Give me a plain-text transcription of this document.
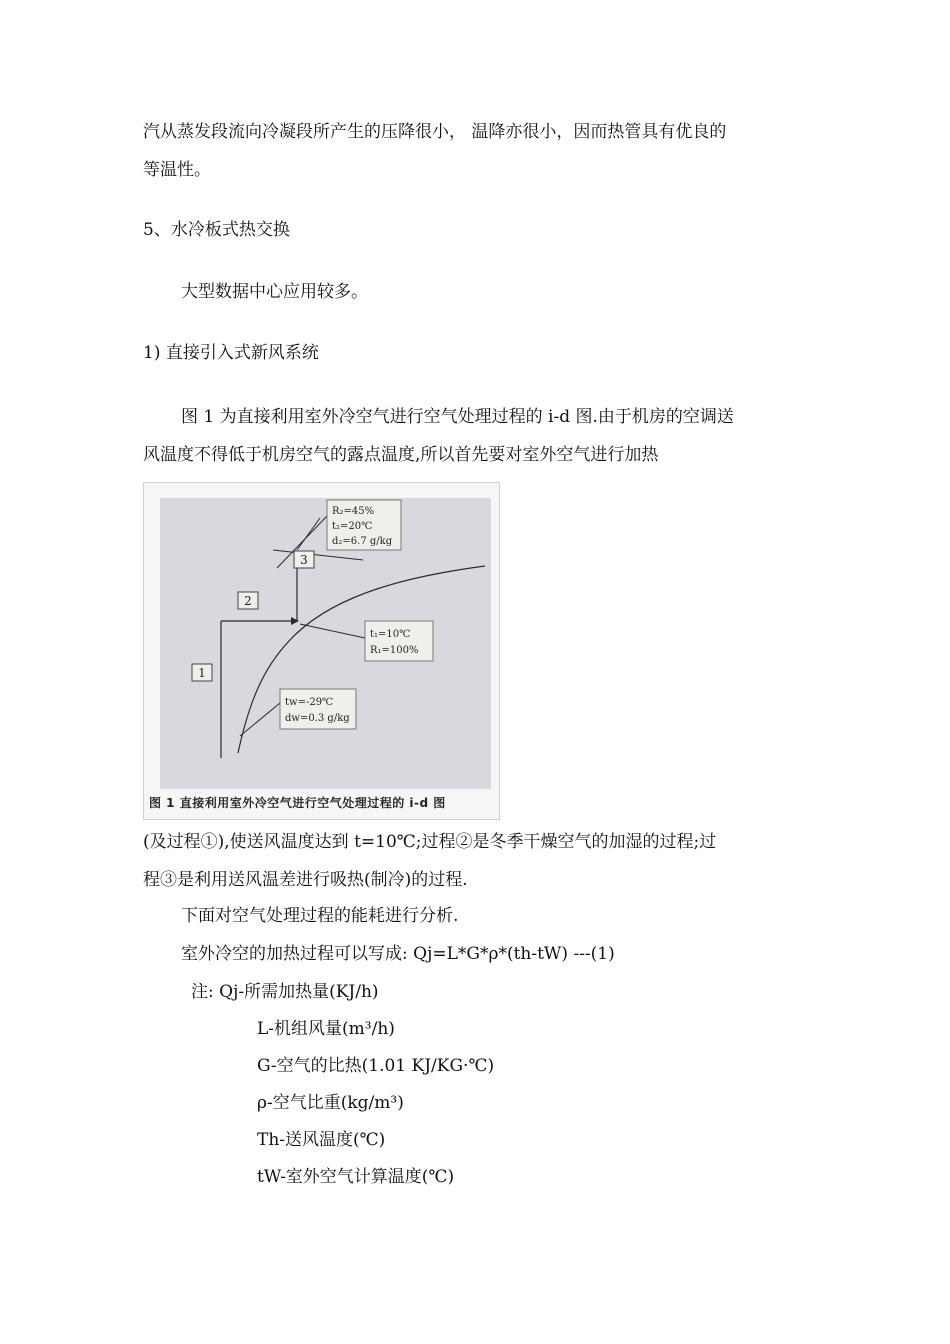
汽从蒸发段流向冷凝段所产生的压降很小， 温降亦很小，因而热管具有优良的
等温性。
5、水冷板式热交换
大型数据中心应用较多。
1) 直接引入式新风系统
图 1 为直接利用室外冷空气进行空气处理过程的 i-d 图.由于机房的空调送
风温度不得低于机房空气的露点温度,所以首先要对室外空气进行加热
1
2
3
R₂=45%
t₂=20℃
d₂=6.7 g/kg
t₁=10℃
R₁=100%
tw=-29℃
dw=0.3 g/kg
图 1 直接利用室外冷空气进行空气处理过程的 i-d 图
(及过程①),使送风温度达到 t=10℃;过程②是冬季干燥空气的加湿的过程;过
程③是利用送风温差进行吸热(制冷)的过程.
下面对空气处理过程的能耗进行分析.
室外冷空的加热过程可以写成: Qj=L*G*ρ*(th-tW) ---(1)
注: Qj-所需加热量(KJ/h)
L-机组风量(m³/h)
G-空气的比热(1.01 KJ/KG·℃)
ρ-空气比重(kg/m³)
Th-送风温度(℃)
tW-室外空气计算温度(℃)
